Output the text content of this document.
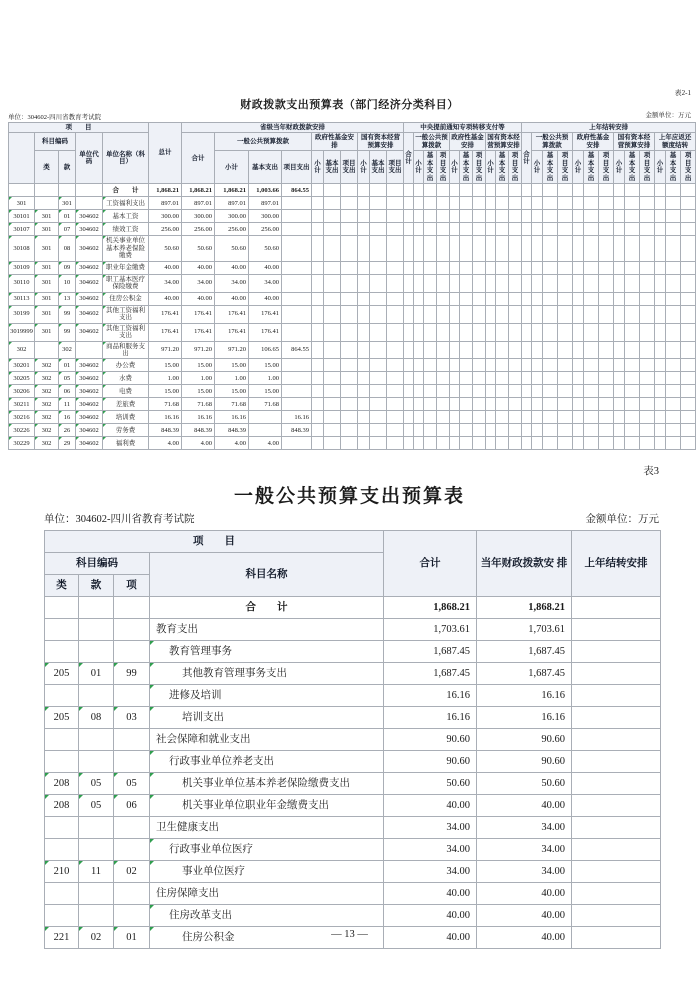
表2-1
财政拨款支出预算表（部门经济分类科目）
单位：304602-四川省教育考试院	金额单位：万元
项　　目					总计	省级当年财政拨款安排										中央提前通知专项转移支付等										上年结转安排												
	科目编码		单位代码	单位名称（科目）		合计	一般公共预算拨款			政府性基金安排			国有资本经营预算安排			合计	一般公共预算拨款			政府性基金安排			国有资本经营预算安排			合计	一般公共预算拨款			政府性基金安排			国有资本经营预算安排			上年应返还额度结转		
	类	款					小计	基本支出	项目支出	小计	基本支出	项目支出	小计	基本支出	项目支出		小计	基本支出	项目支出	小计	基本支出	项目支出	小计	基本支出	项目支出		小计	基本支出	项目支出	小计	基本支出	项目支出	小计	基本支出	项目支出	小计	基本支出	项目支出
				合　　计	1,868.21	1,868.21	1,868.21	1,003.66	864.55																													
301		301		工资福利支出	897.01	897.01	897.01	897.01																														
30101	301	01	304602	基本工资	300.00	300.00	300.00	300.00																														
30107	301	07	304602	绩效工资	256.00	256.00	256.00	256.00																														
30108	301	08	304602	机关事业单位基本养老保险缴费	50.60	50.60	50.60	50.60																														
30109	301	09	304602	职业年金缴费	40.00	40.00	40.00	40.00																														
30110	301	10	304602	职工基本医疗保险缴费	34.00	34.00	34.00	34.00																														
30113	301	13	304602	住房公积金	40.00	40.00	40.00	40.00																														
30199	301	99	304602	其他工资福利支出	176.41	176.41	176.41	176.41																														
3019999	301	99	304602	其他工资福利支出	176.41	176.41	176.41	176.41																														
302		302		商品和服务支出	971.20	971.20	971.20	106.65	864.55																													
30201	302	01	304602	办公费	15.00	15.00	15.00	15.00																														
30205	302	05	304602	水费	1.00	1.00	1.00	1.00																														
30206	302	06	304602	电费	15.00	15.00	15.00	15.00																														
30211	302	11	304602	差旅费	71.68	71.68	71.68	71.68																														
30216	302	16	304602	培训费	16.16	16.16	16.16		16.16																													
30226	302	26	304602	劳务费	848.39	848.39	848.39		848.39																													
30229	302	29	304602	福利费	4.00	4.00	4.00	4.00																														
表3
一般公共预算支出预算表
单位：304602-四川省教育考试院	金额单位：万元
项　　目				合计	当年财政拨款安 排	上年结转安排
科目编码			科目名称			
类	款	项				
			合　　计	1,868.21	1,868.21	
			教育支出	1,703.61	1,703.61	
			教育管理事务	1,687.45	1,687.45	
205	01	99	其他教育管理事务支出	1,687.45	1,687.45	
			进修及培训	16.16	16.16	
205	08	03	培训支出	16.16	16.16	
			社会保障和就业支出	90.60	90.60	
			行政事业单位养老支出	90.60	90.60	
208	05	05	机关事业单位基本养老保险缴费支出	50.60	50.60	
208	05	06	机关事业单位职业年金缴费支出	40.00	40.00	
			卫生健康支出	34.00	34.00	
			行政事业单位医疗	34.00	34.00	
210	11	02	事业单位医疗	34.00	34.00	
			住房保障支出	40.00	40.00	
			住房改革支出	40.00	40.00	
221	02	01	住房公积金	40.00	40.00	
— 13 —
